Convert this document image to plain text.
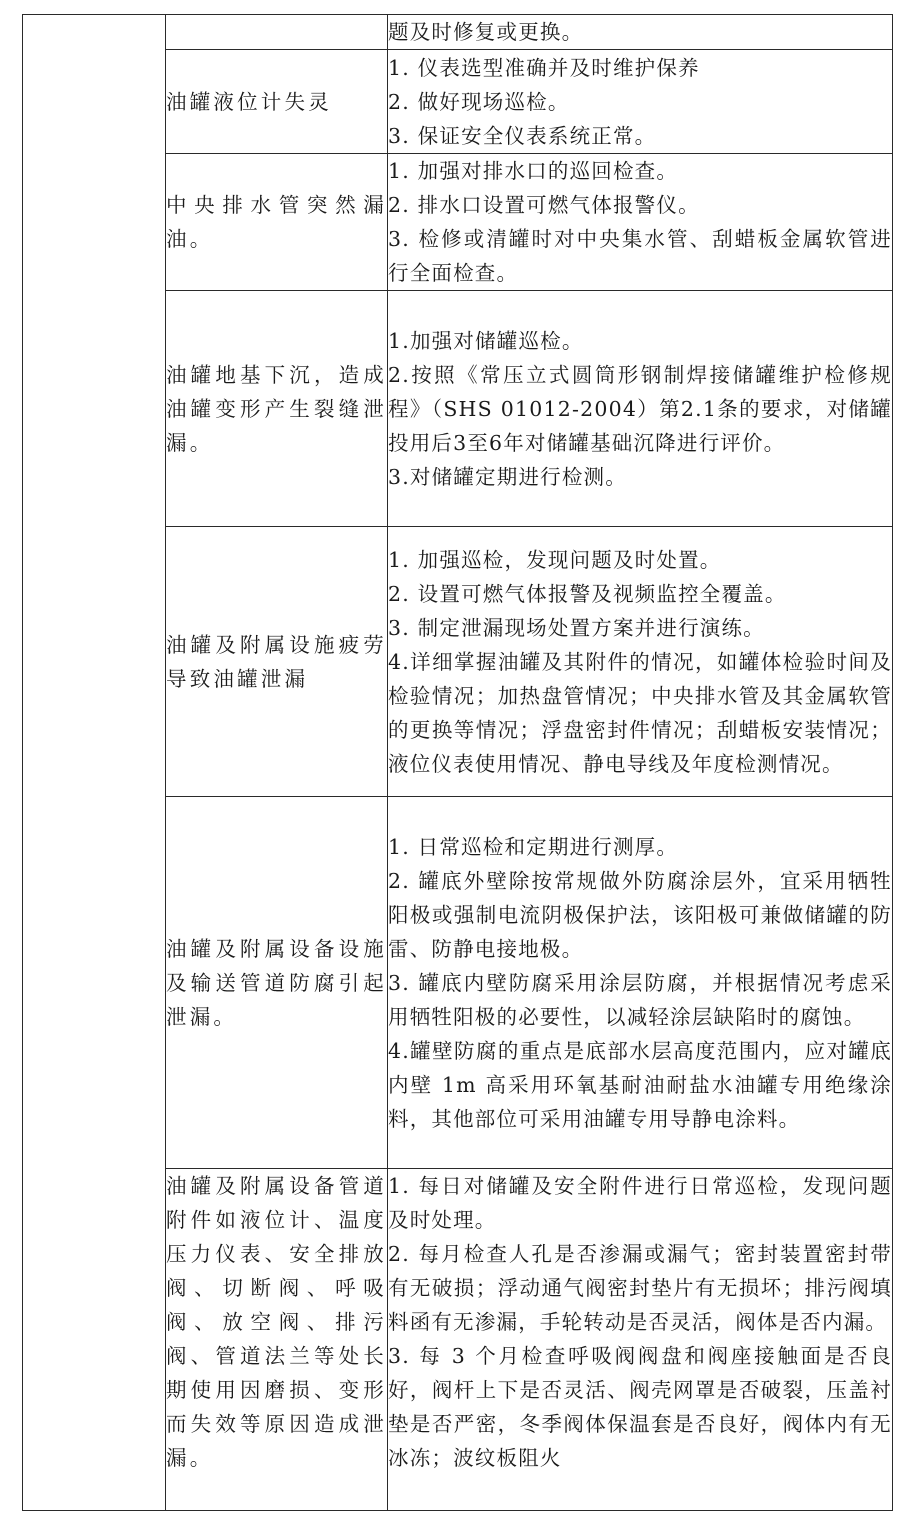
		题及时修复或更换。

	油罐液位计失灵	1. 仪表选型准确并及时维护保养
2. 做好现场巡检。
3. 保证安全仪表系统正常。

	中央排水管突然漏油。	1. 加强对排水口的巡回检查。
2. 排水口设置可燃气体报警仪。
3. 检修或清罐时对中央集水管、刮蜡板金属软管进行全面检查。

	油罐地基下沉，造成油罐变形产生裂缝泄漏。	1.加强对储罐巡检。
2.按照《常压立式圆筒形钢制焊接储罐维护检修规程》（SHS 01012-2004）第2.1条的要求，对储罐投用后3至6年对储罐基础沉降进行评价。
3.对储罐定期进行检测。

	油罐及附属设施疲劳导致油罐泄漏	1. 加强巡检，发现问题及时处置。
2. 设置可燃气体报警及视频监控全覆盖。
3. 制定泄漏现场处置方案并进行演练。
4.详细掌握油罐及其附件的情况，如罐体检验时间及检验情况；加热盘管情况；中央排水管及其金属软管的更换等情况；浮盘密封件情况；刮蜡板安装情况；液位仪表使用情况、静电导线及年度检测情况。

	油罐及附属设备设施及输送管道防腐引起泄漏。	1. 日常巡检和定期进行测厚。
2. 罐底外壁除按常规做外防腐涂层外，宜采用牺牲阳极或强制电流阴极保护法，该阳极可兼做储罐的防雷、防静电接地极。
3. 罐底内壁防腐采用涂层防腐，并根据情况考虑采用牺牲阳极的必要性，以减轻涂层缺陷时的腐蚀。
4.罐壁防腐的重点是底部水层高度范围内，应对罐底内壁 1m 高采用环氧基耐油耐盐水油罐专用绝缘涂料，其他部位可采用油罐专用导静电涂料。

	油罐及附属设备管道附件如液位计、温度压力仪表、安全排放阀、切断阀、呼吸阀、放空阀、排污阀、管道法兰等处长期使用因磨损、变形而失效等原因造成泄漏。	1. 每日对储罐及安全附件进行日常巡检，发现问题及时处理。
2. 每月检查人孔是否渗漏或漏气；密封装置密封带有无破损；浮动通气阀密封垫片有无损坏；排污阀填料函有无渗漏，手轮转动是否灵活，阀体是否内漏。
3. 每 3 个月检查呼吸阀阀盘和阀座接触面是否良好，阀杆上下是否灵活、阀壳网罩是否破裂，压盖衬垫是否严密，冬季阀体保温套是否良好，阀体内有无冰冻；波纹板阻火
